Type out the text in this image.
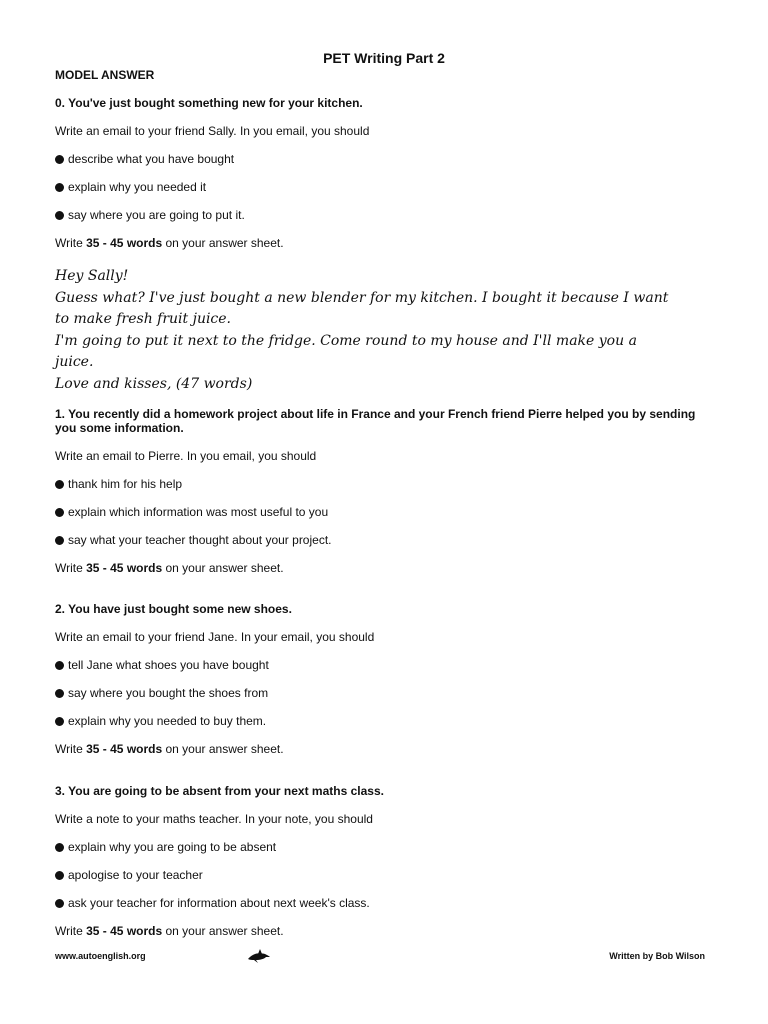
PET Writing Part 2
MODEL ANSWER

0. You've just bought something new for your kitchen.

Write an email to your friend Sally. In you email, you should

describe what you have bought

explain why you needed it

say where you are going to put it.

Write 35 - 45 words on your answer sheet.

Hey Sally!
Guess what? I've just bought a new blender for my kitchen. I bought it because I want
to make fresh fruit juice.
I'm going to put it next to the fridge. Come round to my house and I'll make you a
juice.
Love and kisses, (47 words)

1. You recently did a homework project about life in France and your French friend Pierre helped you by sending you some information.

Write an email to Pierre. In you email, you should

thank him for his help

explain which information was most useful to you

say what your teacher thought about your project.

Write 35 - 45 words on your answer sheet.

2. You have just bought some new shoes.

Write an email to your friend Jane. In your email, you should

tell Jane what shoes you have bought

say where you bought the shoes from

explain why you needed to buy them.

Write 35 - 45 words on your answer sheet.

3. You are going to be absent from your next maths class.

Write a note to your maths teacher. In your note, you should

explain why you are going to be absent

apologise to your teacher

ask your teacher for information about next week's class.

Write 35 - 45 words on your answer sheet.

www.autoenglish.org	Written by Bob Wilson
